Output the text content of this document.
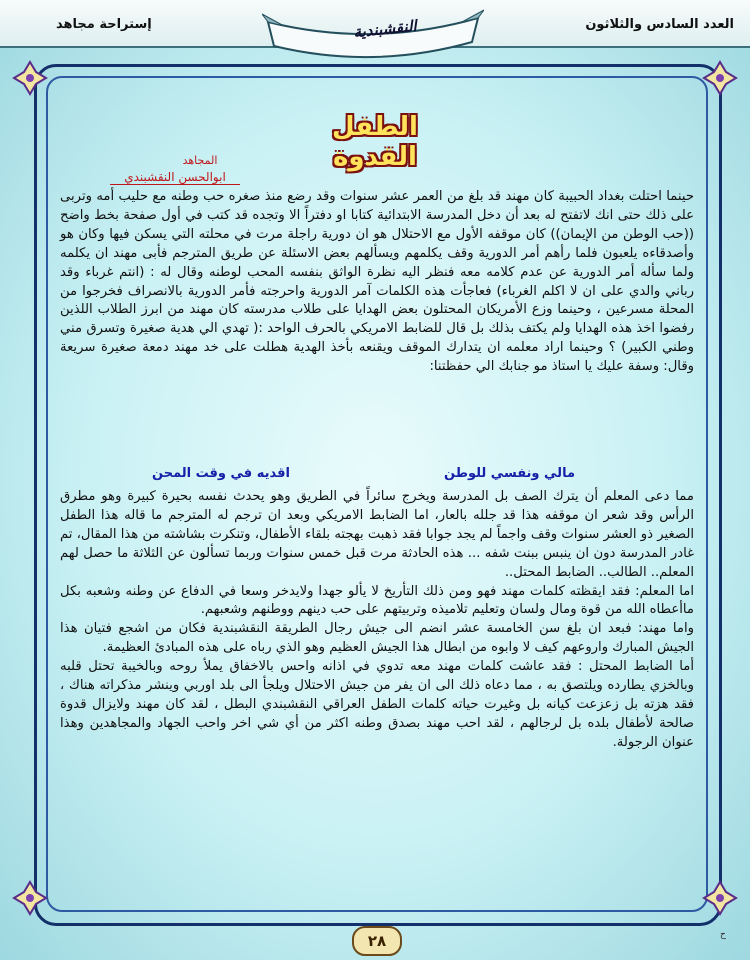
العدد السادس والثلاثون
إستراحة مجاهد	النقشبندية
الطفل القدوة
المجاهد
ابوالحسن النقشبندي

حينما احتلت بغداد الحبيبة كان مهند قد بلغ من العمر عشر سنوات وقد رضع منذ صغره حب وطنه مع حليب أمه وتربى على ذلك حتى انك لاتفتح له بعد أن دخل المدرسة الابتدائية كتابا او دفتراً الا وتجده قد كتب في أول صفحة بخط واضح ((حب الوطن من الإيمان)) كان موقفه الأول مع الاحتلال هو ان دورية راجلة مرت في محلته التي يسكن فيها وكان هو وأصدقاءه يلعبون فلما رأهم أمر الدورية وقف يكلمهم ويسألهم بعض الاسئلة عن طريق المترجم فأبى مهند ان يكلمه ولما سأله أمر الدورية عن عدم كلامه معه فنظر اليه نظرة الواثق بنفسه المحب لوطنه وقال له : (انتم غرباء وقد رباني والدي على ان لا اكلم الغرباء) فعاجأت هذه الكلمات آمر الدورية واحرجته فأمر الدورية بالانصراف فخرجوا من المحلة مسرعين ، وحينما وزع الأمريكان المحتلون بعض الهدايا على طلاب مدرسته كان مهند من ابرز الطلاب اللذين رفضوا اخذ هذه الهدايا ولم يكتف بذلك بل قال للضابط الامريكي بالحرف الواحد :( تهدي الي هدية صغيرة وتسرق مني وطني الكبير) ؟ وحينما اراد معلمه ان يتدارك الموقف ويقنعه بأخذ الهدية هطلت على خد مهند دمعة صغيرة سريعة وقال: وسفة عليك يا استاذ مو جنابك الي حفظتنا:

مالي ونفسي للوطن
اقديه في وقت المحن

مما دعى المعلم أن يترك الصف بل المدرسة ويخرج سائراً في الطريق وهو يحدث نفسه بحيرة كبيرة وهو مطرق الرأس وقد شعر ان موقفه هذا قد جلله بالعار، اما الضابط الامريكي وبعد ان ترجم له المترجم ما قاله هذا الطفل الصغير ذو العشر سنوات وقف واجماً لم يجد جوابا فقد ذهبت بهجته بلقاء الأطفال، وتنكرت بشاشته من هذا المقال، تم غادر المدرسة دون ان ينبس ببنت شفه ... هذه الحادثة مرت قبل خمس سنوات وربما تسألون عن الثلاثة ما حصل لهم المعلم.. الطالب.. الضابط المحتل..

اما المعلم: فقد ايقظته كلمات مهند فهو ومن ذلك التأريخ لا يألو جهدا ولايدخر وسعا في الدفاع عن وطنه وشعبه بكل ماأعطاه الله من قوة ومال ولسان وتعليم تلاميذه وتربيتهم على حب دينهم ووطنهم وشعبهم.

واما مهند: فبعد ان بلغ سن الخامسة عشر انضم الى جيش رجال الطريقة النقشبندية فكان من اشجع فتيان هذا الجيش المبارك واروعهم كيف لا وابوه من ابطال هذا الجيش العظيم وهو الذي رباه على هذه المبادئ العظيمة.

أما الضابط المحتل : فقد عاشت كلمات مهند معه تدوي في اذانه واحس بالاخفاق يملأ روحه وبالخيبة تحتل قلبه وبالخزي يطارده ويلتصق به ، مما دعاه ذلك الى ان يفر من جيش الاحتلال ويلجأ الى بلد اوربي وينشر مذكراته هناك ، فقد هزته بل زعزعت كيانه بل وغيرت حياته كلمات الطفل العراقي النقشبندي البطل ، لقد كان مهند ولايزال قدوة صالحة لأطفال بلده بل لرجالهم ، لقد احب مهند بصدق وطنه اكثر من أي شي اخر واحب الجهاد والمجاهدين وهذا عنوان الرجولة.

٢٨	ح
